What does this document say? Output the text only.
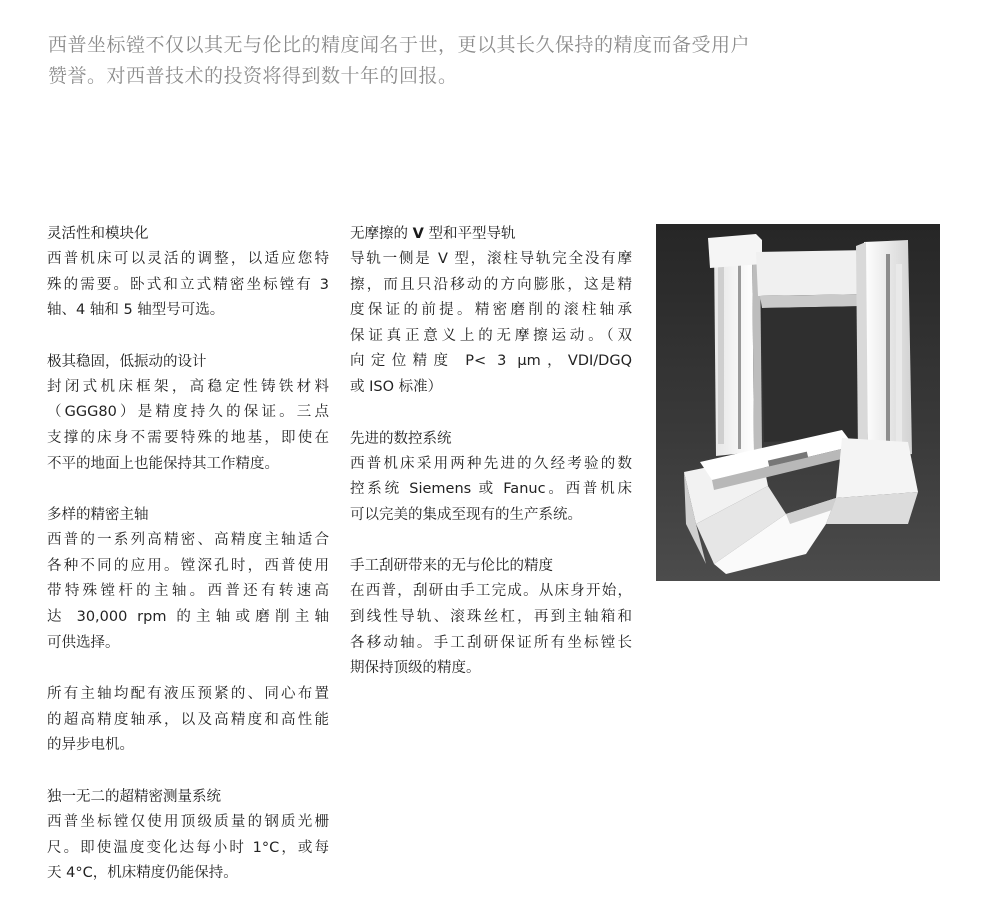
西普坐标镗不仅以其无与伦比的精度闻名于世，更以其长久保持的精度而备受用户

赞誉。对西普技术的投资将得到数十年的回报。

灵活性和模块化
西普机床可以灵活的调整，以适应您特
殊的需要。卧式和立式精密坐标镗有 3
轴、4 轴和 5 轴型号可选。
极其稳固，低振动的设计
封闭式机床框架，高稳定性铸铁材料
（GGG80）是精度持久的保证。三点
支撑的床身不需要特殊的地基，即使在
不平的地面上也能保持其工作精度。
多样的精密主轴
西普的一系列高精密、高精度主轴适合
各种不同的应用。镗深孔时，西普使用
带特殊镗杆的主轴。西普还有转速高
达 30,000 rpm 的主轴或磨削主轴
可供选择。
所有主轴均配有液压预紧的、同心布置
的超高精度轴承，以及高精度和高性能
的异步电机。
独一无二的超精密测量系统
西普坐标镗仅使用顶级质量的钢质光栅
尺。即使温度变化达每小时 1°C，或每
天 4°C，机床精度仍能保持。
无摩擦的 V 型和平型导轨
导轨一侧是 V 型，滚柱导轨完全没有摩
擦，而且只沿移动的方向膨胀，这是精
度保证的前提。精密磨削的滚柱轴承
保证真正意义上的无摩擦运动。（双
向定位精度 P< 3 μm，VDI/DGQ
或 ISO 标准）
先进的数控系统
西普机床采用两种先进的久经考验的数
控系统 Siemens 或 Fanuc。西普机床
可以完美的集成至现有的生产系统。
手工刮研带来的无与伦比的精度
在西普，刮研由手工完成。从床身开始，
到线性导轨、滚珠丝杠，再到主轴箱和
各移动轴。手工刮研保证所有坐标镗长
期保持顶级的精度。
